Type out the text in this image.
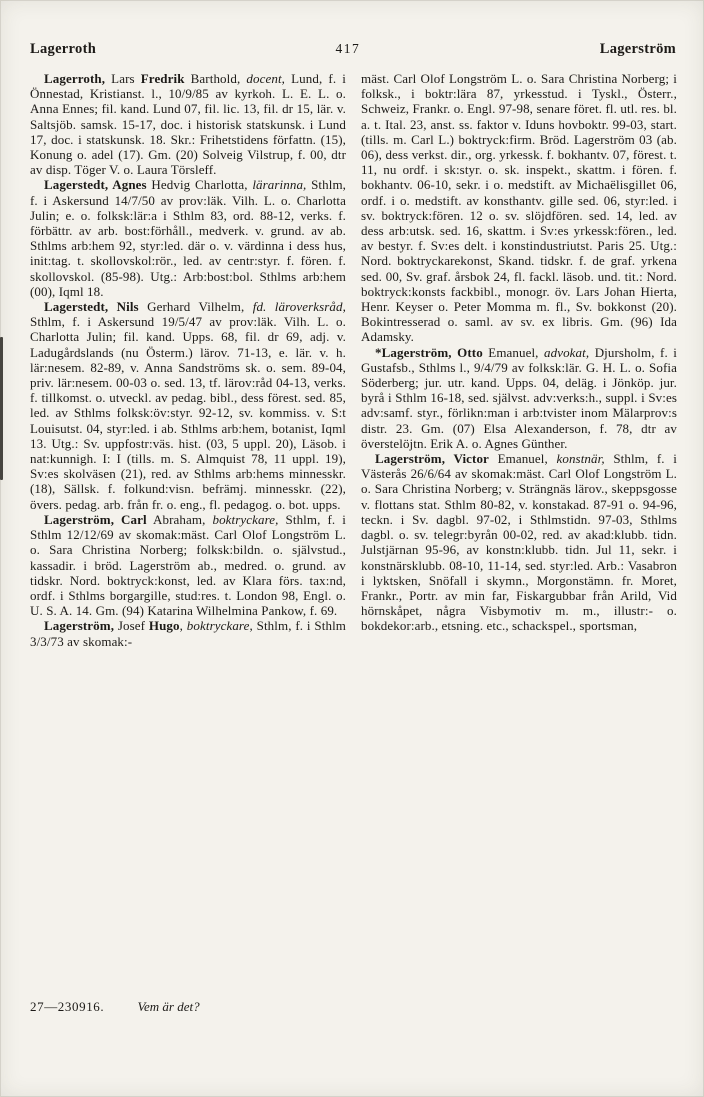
Lagerroth	417	Lagerström

Lagerroth, Lars Fredrik Barthold, docent, Lund, f. i Önnestad, Kristianst. l., 10/9/85 av kyrkoh. L. E. L. o. Anna Ennes; fil. kand. Lund 07, fil. lic. 13, fil. dr 15, lär. v. Saltsjöb. samsk. 15-17, doc. i historisk statskunsk. i Lund 17, doc. i statskunsk. 18. Skr.: Frihetstidens författn. (15), Konung o. adel (17). Gm. (20) Solveig Vilstrup, f. 00, dtr av disp. Töger V. o. Laura Törsleff.

Lagerstedt, Agnes Hedvig Charlotta, lärarinna, Sthlm, f. i Askersund 14/7/50 av prov:läk. Vilh. L. o. Charlotta Julin; e. o. folksk:lär:a i Sthlm 83, ord. 88-12, verks. f. förbättr. av arb. bost:förhåll., medverk. v. grund. av ab. Sthlms arb:hem 92, styr:led. där o. v. värdinna i dess hus, init:tag. t. skollovskol:rör., led. av centr:styr. f. fören. f. skollovskol. (85-98). Utg.: Arb:bost:bol. Sthlms arb:hem (00), Iqml 18.

Lagerstedt, Nils Gerhard Vilhelm, fd. läroverksråd, Sthlm, f. i Askersund 19/5/47 av prov:läk. Vilh. L. o. Charlotta Julin; fil. kand. Upps. 68, fil. dr 69, adj. v. Ladugårdslands (nu Österm.) lärov. 71-13, e. lär. v. h. lär:nesem. 82-89, v. Anna Sandströms sk. o. sem. 89-04, priv. lär:nesem. 00-03 o. sed. 13, tf. lärov:råd 04-13, verks. f. tillkomst. o. utveckl. av pedag. bibl., dess förest. sed. 85, led. av Sthlms folksk:öv:styr. 92-12, sv. kommiss. v. S:t Louisutst. 04, styr:led. i ab. Sthlms arb:hem, botanist, Iqml 13. Utg.: Sv. uppfostr:väs. hist. (03, 5 uppl. 20), Läsob. i nat:kunnigh. I: I (tills. m. S. Almquist 78, 11 uppl. 19), Sv:es skolväsen (21), red. av Sthlms arb:hems minnesskr. (18), Sällsk. f. folkund:visn. befrämj. minnesskr. (22), övers. pedag. arb. från fr. o. eng., fl. pedagog. o. bot. upps.

Lagerström, Carl Abraham, boktryckare, Sthlm, f. i Sthlm 12/12/69 av skomak:mäst. Carl Olof Longström L. o. Sara Christina Norberg; folksk:bildn. o. självstud., kassadir. i bröd. Lagerström ab., medred. o. grund. av tidskr. Nord. boktryck:konst, led. av Klara förs. tax:nd, ordf. i Sthlms borgargille, stud:res. t. London 98, Engl. o. U. S. A. 14. Gm. (94) Katarina Wilhelmina Pankow, f. 69.

Lagerström, Josef Hugo, boktryckare, Sthlm, f. i Sthlm 3/3/73 av skomak:-

mäst. Carl Olof Longström L. o. Sara Christina Norberg; i folksk., i boktr:lära 87, yrkesstud. i Tyskl., Österr., Schweiz, Frankr. o. Engl. 97-98, senare föret. fl. utl. res. bl. a. t. Ital. 23, anst. ss. faktor v. Iduns hovboktr. 99-03, start. (tills. m. Carl L.) boktryck:firm. Bröd. Lagerström 03 (ab. 06), dess verkst. dir., org. yrkessk. f. bokhantv. 07, förest. t. 11, nu ordf. i sk:styr. o. sk. inspekt., skattm. i fören. f. bokhantv. 06-10, sekr. i o. medstift. av Michaëlisgillet 06, ordf. i o. medstift. av konsthantv. gille sed. 06, styr:led. i sv. boktryck:fören. 12 o. sv. slöjdfören. sed. 14, led. av dess arb:utsk. sed. 16, skattm. i Sv:es yrkessk:fören., led. av bestyr. f. Sv:es delt. i konstindustriutst. Paris 25. Utg.: Nord. boktryckarekonst, Skand. tidskr. f. de graf. yrkena sed. 00, Sv. graf. årsbok 24, fl. fackl. läsob. und. tit.: Nord. boktryck:konsts fackbibl., monogr. öv. Lars Johan Hierta, Henr. Keyser o. Peter Momma m. fl., Sv. bokkonst (20). Bokintresserad o. saml. av sv. ex libris. Gm. (96) Ida Adamsky.

*Lagerström, Otto Emanuel, advokat, Djursholm, f. i Gustafsb., Sthlms l., 9/4/79 av folksk:lär. G. H. L. o. Sofia Söderberg; jur. utr. kand. Upps. 04, deläg. i Jönköp. jur. byrå i Sthlm 16-18, sed. självst. adv:verks:h., suppl. i Sv:es adv:samf. styr., förlikn:man i arb:tvister inom Mälarprov:s distr. 23. Gm. (07) Elsa Alexanderson, f. 78, dtr av överstelöjtn. Erik A. o. Agnes Günther.

Lagerström, Victor Emanuel, konstnär, Sthlm, f. i Västerås 26/6/64 av skomak:mäst. Carl Olof Longström L. o. Sara Christina Norberg; v. Strängnäs lärov., skeppsgosse v. flottans stat. Sthlm 80-82, v. konstakad. 87-91 o. 94-96, teckn. i Sv. dagbl. 97-02, i Sthlmstidn. 97-03, Sthlms dagbl. o. sv. telegr:byrån 00-02, red. av akad:klubb. tidn. Julstjärnan 95-96, av konstn:klubb. tidn. Jul 11, sekr. i konstnärsklubb. 08-10, 11-14, sed. styr:led. Arb.: Vasabron i lyktsken, Snöfall i skymn., Morgonstämn. fr. Moret, Frankr., Portr. av min far, Fiskargubbar från Arild, Vid hörnskåpet, några Visbymotiv m. m., illustr:- o. bokdekor:arb., etsning. etc., schackspel., sportsman,

27—230916.	Vem är det?
